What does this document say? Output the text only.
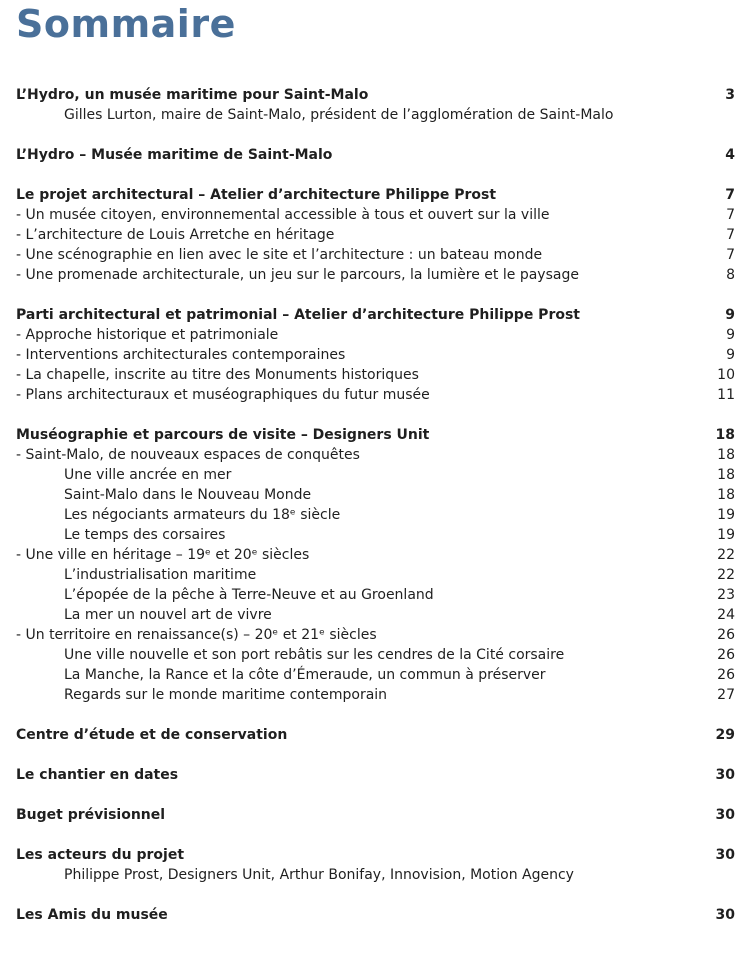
Sommaire
L’Hydro, un musée maritime pour Saint-Malo	3
Gilles Lurton, maire de Saint-Malo, président de l’agglomération de Saint-Malo
L’Hydro – Musée maritime de Saint-Malo	4
Le projet architectural – Atelier d’architecture Philippe Prost	7
- Un musée citoyen, environnemental accessible à tous et ouvert sur la ville	7
- L’architecture de Louis Arretche en héritage	7
- Une scénographie en lien avec le site et l’architecture : un bateau monde	7
- Une promenade architecturale, un jeu sur le parcours, la lumière et le paysage	8
Parti architectural et patrimonial – Atelier d’architecture Philippe Prost	9
- Approche historique et patrimoniale	9
- Interventions architecturales contemporaines	9
- La chapelle, inscrite au titre des Monuments historiques	10
- Plans architecturaux et muséographiques du futur musée	11
Muséographie et parcours de visite – Designers Unit	18
- Saint-Malo, de nouveaux espaces de conquêtes	18
Une ville ancrée en mer	18
Saint-Malo dans le Nouveau Monde	18
Les négociants armateurs du 18ᵉ siècle	19
Le temps des corsaires	19
- Une ville en héritage – 19ᵉ et 20ᵉ siècles	22
L’industrialisation maritime	22
L’épopée de la pêche à Terre-Neuve et au Groenland	23
La mer un nouvel art de vivre	24
- Un territoire en renaissance(s) – 20ᵉ et 21ᵉ siècles	26
Une ville nouvelle et son port rebâtis sur les cendres de la Cité corsaire	26
La Manche, la Rance et la côte d’Émeraude, un commun à préserver	26
Regards sur le monde maritime contemporain	27
Centre d’étude et de conservation	29
Le chantier en dates	30
Buget prévisionnel	30
Les acteurs du projet	30
Philippe Prost, Designers Unit, Arthur Bonifay, Innovision, Motion Agency
Les Amis du musée	30
